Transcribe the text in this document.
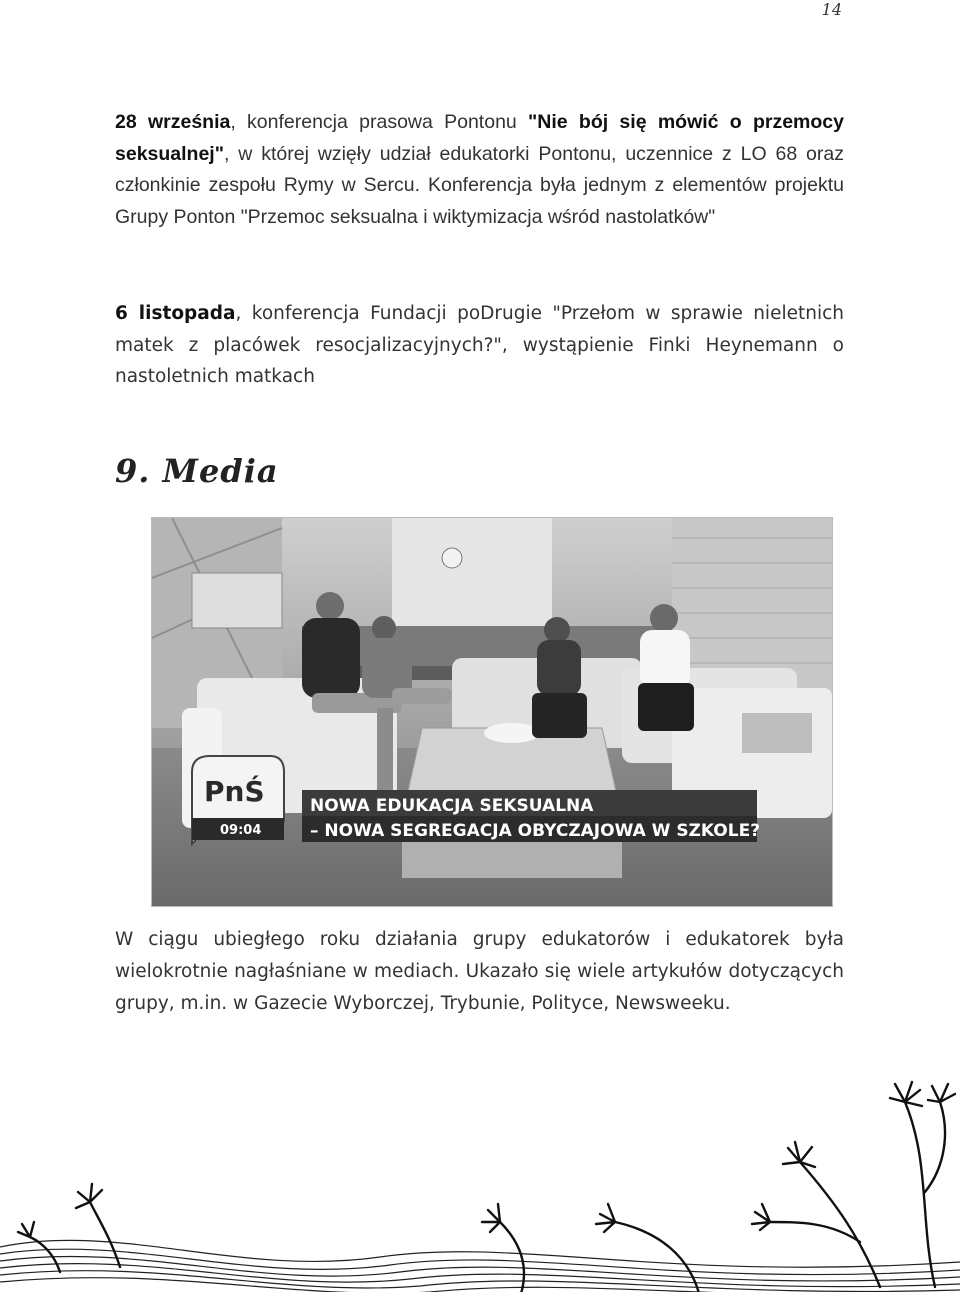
14

28 września, konferencja prasowa Pontonu "Nie bój się mówić o przemocy seksualnej", w której wzięły udział edukatorki Pontonu, uczennice z LO 68 oraz członkinie zespołu Rymy w Sercu. Konferencja była jednym z elementów projektu Grupy Ponton "Przemoc seksualna i wiktymizacja wśród nastolatków"

6 listopada, konferencja Fundacji poDrugie "Przełom w sprawie nieletnich matek z placówek resocjalizacyjnych?", wystąpienie Finki Heynemann o nastoletnich matkach

9. Media
PnŚ
09:04
NOWA EDUKACJA SEKSUALNA
– NOWA SEGREGACJA OBYCZAJOWA W SZKOLE?

W ciągu ubiegłego roku działania grupy edukatorów i edukatorek była wielokrotnie nagłaśniane w mediach. Ukazało się wiele artykułów dotyczących grupy, m.in. w Gazecie Wyborczej, Trybunie, Polityce, Newsweeku.
